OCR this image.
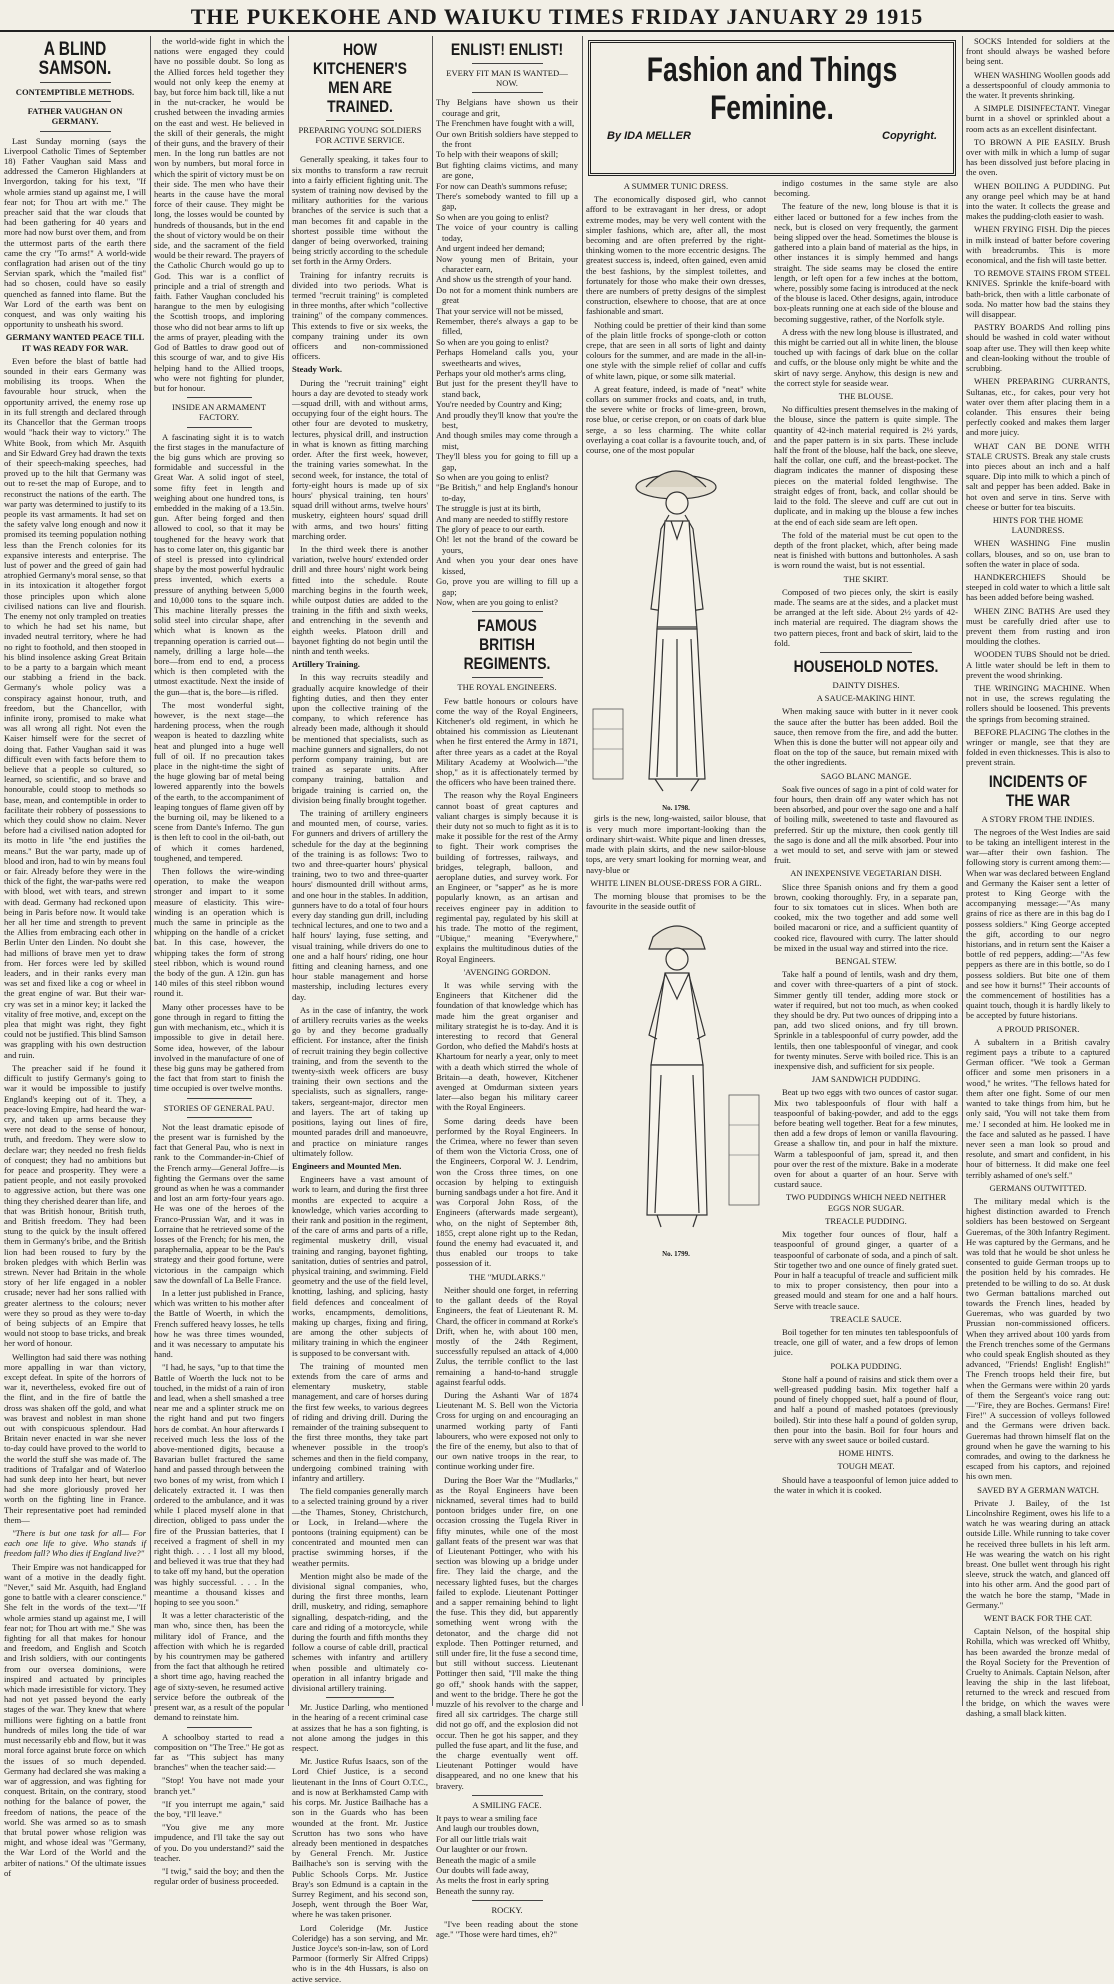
THE PUKEKOHE AND WAIUKU TIMES FRIDAY JANUARY 29 1915
A BLIND SAMSON.
CONTEMPTIBLE METHODS.
FATHER VAUGHAN ON GERMANY.

Last Sunday morning (says the Liverpool Catholic Times of September 18) Father Vaughan said Mass and addressed the Cameron Highlanders at Invergordon, taking for his text, "If whole armies stand up against me, I will fear not; for Thou art with me." The preacher said that the war clouds that had been gathering for 40 years and more had now burst over them, and from the uttermost parts of the earth there came the cry "To arms!" A world-wide conflagration had arisen out of the tiny Servian spark, which the "mailed fist" had so chosen, could have so easily quenched as fanned into flame. But the War Lord of the earth was bent on conquest, and was only waiting his opportunity to unsheath his sword.

GERMANY WANTED PEACE TILL IT WAS READY FOR WAR.

Even before the blast of battle had sounded in their ears Germany was mobilising its troops. When the favourable hour struck, when the opportunity arrived, the enemy rose up in its full strength and declared through its Chancellor that the German troops would "hack their way to victory." The White Book, from which Mr. Asquith and Sir Edward Grey had drawn the texts of their speech-making speeches, had proved up to the hilt that Germany was out to re-set the map of Europe, and to reconstruct the nations of the earth. The war party was determined to justify to its people its vast armaments. It had set on the safety valve long enough and now it promised its teeming population nothing less than the French colonies for its expansive interests and enterprise. The lust of power and the greed of gain had atrophied Germany's moral sense, so that in its intoxication it altogether forgot those principles upon which alone civilised nations can live and flourish. The enemy not only trampled on treaties to which he had set his name, but invaded neutral territory, where he had no right to foothold, and then stooped in his blind insolence asking Great Britain to be a party to a bargain which meant our stabbing a friend in the back. Germany's whole policy was a conspiracy against honour, truth, and freedom, but the Chancellor, with infinite irony, promised to make what was all wrong all right. Not even the Kaiser himself were for the secret of doing that. Father Vaughan said it was difficult even with facts before them to believe that a people so cultured, so learned, so scientific, and so brave and honourable, could stoop to methods so base, mean, and contemptible in order to facilitate their robbery of possessions to which they could show no claim. Never before had a civilised nation adopted for its motto in life "the end justifies the means." But the war party, made up of blood and iron, had to win by means foul or fair. Already before they were in the thick of the fight, the war-paths were red with blood, wet with tears, and strewn with dead. Germany had reckoned upon being in Paris before now. It would take her all her time and strength to prevent the Allies from embracing each other in Berlin Unter den Linden. No doubt she had millions of brave men yet to draw from. Her forces were led by skilled leaders, and in their ranks every man was set and fixed like a cog or wheel in the great engine of war. But their war-cry was set in a minor key; it lacked the vitality of free motive, and, except on the plea that might was right, they fight could not be justified. This blind Samson was grappling with his own destruction and ruin.

The preacher said if he found it difficult to justify Germany's going to war it would be impossible to justify England's keeping out of it. They, a peace-loving Empire, had heard the war-cry, and taken up arms because they were not dead to the sense of honour, truth, and freedom. They were slow to declare war; they needed no fresh fields of conquest; they had no ambitions but for peace and prosperity. They were a patient people, and not easily provoked to aggressive action, but there was one thing they cherished dearer than life, and that was British honour, British truth, and British freedom. They had been stung to the quick by the insult offered them in Germany's bribe, and the British lion had been roused to fury by the broken pledges with which Berlin was strewn. Never had Britain in the whole story of her life engaged in a nobler crusade; never had her sons rallied with greater alertness to the colours; never were they so proud as they were to-day of being subjects of an Empire that would not stoop to base tricks, and break her word of honour.

Wellington had said there was nothing more appalling in war than victory, except defeat. In spite of the horrors of war it, nevertheless, evoked fire out of the flint, and in the fire of battle the dross was shaken off the gold, and what was bravest and noblest in man shone out with conspicuous splendour. Had Britain never enacted in war she never to-day could have proved to the world to the world the stuff she was made of. The traditions of Trafalgar and of Waterloo had sunk deep into her heart, but never had she more gloriously proved her worth on the fighting line in France. Their representative poet had reminded them—

"There is but one task for all— For each one life to give. Who stands if freedom fall? Who dies if England live?"

Their Empire was not handicapped for want of a motive in the deadly fight. "Never," said Mr. Asquith, had England gone to battle with a clearer conscience." She felt in the words of the text—"If whole armies stand up against me, I will fear not; for Thou art with me." She was fighting for all that makes for honour and freedom, and English and Scotch and Irish soldiers, with our contingents from our oversea dominions, were inspired and actuated by principles which made irresistible for victory. They had not yet passed beyond the early stages of the war. They knew that where millions were fighting on a battle front hundreds of miles long the tide of war must necessarily ebb and flow, but it was moral force against brute force on which the issues of so much depended. Germany had declared she was making a war of aggression, and was fighting for conquest. Britain, on the contrary, stood nothing for the balance of power, the freedom of nations, the peace of the world. She was armed so as to smash that brutal power whose religion was might, and whose ideal was "Germany, the War Lord of the World and the arbiter of nations." Of the ultimate issues of

the world-wide fight in which the nations were engaged they could have no possible doubt. So long as the Allied forces held together they would not only keep the enemy at bay, but force him back till, like a nut in the nut-cracker, he would be crushed between the invading armies on the east and west. He believed in the skill of their generals, the might of their guns, and the bravery of their men. In the long run battles are not won by numbers, but moral force in which the spirit of victory must be on their side. The men who have their hearts in the cause have the moral force of their cause. They might be long, the losses would be counted by hundreds of thousands, but in the end the shout of victory would be on their side, and the sacrament of the field would be their reward. The prayers of the Catholic Church would go up to God. This war is a conflict of principle and a trial of strength and faith. Father Vaughan concluded his harangue to the men by eulogising the Scottish troops, and imploring those who did not bear arms to lift up the arms of prayer, pleading with the God of Battles to draw good out of this scourge of war, and to give His helping hand to the Allied troops, who were not fighting for plunder, but for honour.

INSIDE AN ARMAMENT FACTORY.

A fascinating sight it is to watch the first stages in the manufacture of the big guns which are proving so formidable and successful in the Great War. A solid ingot of steel, some fifty feet in length and weighing about one hundred tons, is embedded in the making of a 13.5in. gun. After being forged and then allowed to cool, so that it may be toughened for the heavy work that has to come later on, this gigantic bar of steel is pressed into cylindrical shape by the most powerful hydraulic press invented, which exerts a pressure of anything between 5,000 and 10,000 tons to the square inch. This machine literally presses the solid steel into circular shape, after which what is known as the trepanning operation is carried out—namely, drilling a large hole—the bore—from end to end, a process which is then completed with the utmost exactitude. Next the inside of the gun—that is, the bore—is rifled.

The most wonderful sight, however, is the next stage—the hardening process, when the rough weapon is heated to dazzling white heat and plunged into a huge well full of oil. If no precaution takes place in the night-time the sight of the huge glowing bar of metal being lowered apparently into the bowels of the earth, to the accompaniment of leaping tongues of flame given off by the burning oil, may be likened to a scene from Dante's Inferno. The gun is then left to cool in the oil-bath, out of which it comes hardened, toughened, and tempered.

Then follows the wire-winding operation, to make the weapon stronger and impart to it some measure of elasticity. This wire-winding is an operation which is much the same in principle as the whipping on the handle of a cricket bat. In this case, however, the whipping takes the form of strong steel ribbon, which is wound round the body of the gun. A 12in. gun has 140 miles of this steel ribbon wound round it.

Many other processes have to be gone through in regard to fitting the gun with mechanism, etc., which it is impossible to give in detail here. Some idea, however, of the labour involved in the manufacture of one of these big guns may be gathered from the fact that from start to finish the time occupied is over twelve months.

STORIES OF GENERAL PAU.

Not the least dramatic episode of the present war is furnished by the fact that General Pau, who is next in rank to the Commander-in-Chief of the French army—General Joffre—is fighting the Germans over the same ground as when he was a commander and lost an arm forty-four years ago. He was one of the heroes of the Franco-Prussian War, and it was in Lorraine that he retrieved some of the losses of the French; for his men, the paraphernalia, appear to be the Pau's strategy and their good fortune, were victorious in the campaign which saw the downfall of La Belle France.

In a letter just published in France, which was written to his mother after the Battle of Woerth, in which the French suffered heavy losses, he tells how he was three times wounded, and it was necessary to amputate his hand.

"I had, he says, "up to that time the Battle of Woerth the luck not to be touched, in the midst of a rain of iron and lead, when a shell smashed a tree near me and a splinter struck me on the right hand and put two fingers hors de combat. An hour afterwards I received much less the loss of the above-mentioned digits, because a Bavarian bullet fractured the same hand and passed through between the two bones of my wrist, from which I delicately extracted it. I was then ordered to the ambulance, and it was while I placed myself alone in that direction, obliged to pass under the fire of the Prussian batteries, that I received a fragment of shell in my right thigh. . . . I lost all my blood, and believed it was true that they had to take off my hand, but the operation was highly successful. . . . In the meantime a thousand kisses and hoping to see you soon."

It was a letter characteristic of the man who, since then, has been the military idol of France, and the affection with which he is regarded by his countrymen may be gathered from the fact that although he retired a short time ago, having reached the age of sixty-seven, he resumed active service before the outbreak of the present war, as a result of the popular demand to reinstate him.

A schoolboy started to read a composition on "The Tree." He got as far as "This subject has many branches" when the teacher said:—

"Stop! You have not made your branch yet."

"If you interrupt me again," said the boy, "I'll leave."

"You give me any more impudence, and I'll take the say out of you. Do you understand?" said the teacher.

"I twig," said the boy; and then the regular order of business proceeded.

HOW KITCHENER'S MEN ARE TRAINED.
PREPARING YOUNG SOLDIERS FOR ACTIVE SERVICE.

Generally speaking, it takes four to six months to transform a raw recruit into a fairly efficient fighting unit. The system of training now devised by the military authorities for the various branches of the service is such that a man becomes fit and capable in the shortest possible time without the danger of being overworked, training being strictly according to the schedule set forth in the Army Orders.

Training for infantry recruits is divided into two periods. What is termed "recruit training" is completed in three months, after which "collective training" of the company commences. This extends to five or six weeks, the company training under its own officers and non-commissioned officers.

Steady Work.

During the "recruit training" eight hours a day are devoted to steady work—squad drill, with and without arms, occupying four of the eight hours. The other four are devoted to musketry, lectures, physical drill, and instruction in what is known as fitting marching order. After the first week, however, the training varies somewhat. In the second week, for instance, the total of forty-eight hours is made up of six hours' physical training, ten hours' squad drill without arms, twelve hours' musketry, eighteen hours' squad drill with arms, and two hours' fitting marching order.

In the third week there is another variation, twelve hours' extended order drill and three hours' night work being fitted into the schedule. Route marching begins in the fourth week, while outpost duties are added to the training in the fifth and sixth weeks, and entrenching in the seventh and eighth weeks. Platoon drill and bayonet fighting do not begin until the ninth and tenth weeks.

Artillery Training.

In this way recruits steadily and gradually acquire knowledge of their fighting duties, and then they enter upon the collective training of the company, to which reference has already been made, although it should be mentioned that specialists, such as machine gunners and signallers, do not perform company training, but are trained as separate units. After company training, battalion and brigade training is carried on, the division being finally brought together.

The training of artillery engineers and mounted men, of course, varies. For gunners and drivers of artillery the schedule for the day at the beginning of the training is as follows: Two to two and three-quarter hours' physical training, two to two and three-quarter hours' dismounted drill without arms, and one hour in the stables. In addition, gunners have to do a total of four hours every day standing gun drill, including technical lectures, and one to two and a half hours' laying, fuse setting, and visual training, while drivers do one to one and a half hours' riding, one hour fitting and cleaning harness, and one hour stable management and horse mastership, including lectures every day.

As in the case of infantry, the work of artillery recruits varies as the weeks go by and they become gradually efficient. For instance, after the finish of recruit training they begin collective training, and from the seventh to the twenty-sixth week officers are busy training their own sections and the specialists, such as signallers, range-takers, sergeant-major, director men and layers. The art of taking up positions, laying out lines of fire, mounted parades drill and manoeuvre, and practice on miniature ranges ultimately follow.

Engineers and Mounted Men.

Engineers have a vast amount of work to learn, and during the first three months are expected to acquire a knowledge, which varies according to their rank and position in the regiment, of the care of arms and parts of a rifle, regimental musketry drill, visual training and ranging, bayonet fighting, sanitation, duties of sentries and patrol, physical training, and swimming. Field geometry and the use of the field level, knotting, lashing, and splicing, hasty field defences and concealment of works, encampments, demolitions, making up charges, fixing and firing, are among the other subjects of military training in which the engineer is supposed to be conversant with.

The training of mounted men extends from the care of arms and elementary musketry, stable management, and care of horses during the first few weeks, to various degrees of riding and driving drill. During the remainder of the training subsequent to the first three months, they take part whenever possible in the troop's schemes and then in the field company, undergoing combined training with infantry and artillery.

The field companies generally march to a selected training ground by a river—the Thames, Stoney, Christchurch, or Lock, in Ireland—where the pontoons (training equipment) can be concentrated and mounted men can practise swimming horses, if the weather permits.

Mention might also be made of the divisional signal companies, who, during the first three months, learn drill, musketry, and riding, semaphore signalling, despatch-riding, and the care and riding of a motorcycle, while during the fourth and fifth months they follow a course of cable drill, practical schemes with infantry and artillery when possible and ultimately co-operation in all infantry brigade and divisional artillery training.

Mr. Justice Darling, who mentioned in the hearing of a recent criminal case at assizes that he has a son fighting, is not alone among the judges in this respect.

Mr. Justice Rufus Isaacs, son of the Lord Chief Justice, is a second lieutenant in the Inns of Court O.T.C., and is now at Berkhamsted Camp with his corps. Mr. Justice Bailhache has a son in the Guards who has been wounded at the front. Mr. Justice Scrutton has two sons who have already been mentioned in despatches by General French. Mr. Justice Bailhache's son is serving with the Public Schools Corps. Mr. Justice Bray's son Edmund is a captain in the Surrey Regiment, and his second son, Joseph, went through the Boer War, where he was taken prisoner.

Lord Coleridge (Mr. Justice Coleridge) has a son serving, and Mr. Justice Joyce's son-in-law, son of Lord Parmoor (formerly Sir Alfred Cripps) who is in the 4th Hussars, is also on active service.

ENLIST! ENLIST!
EVERY FIT MAN IS WANTED—NOW.
Thy Belgians have shown us their courage and grit,
The Frenchmen have fought with a will,
Our own British soldiers have stepped to the front
To help with their weapons of skill;
But fighting claims victims, and many are gone,
For now can Death's summons refuse;
There's somebody wanted to fill up a gap,
So when are you going to enlist?
The voice of your country is calling today,
And urgent indeed her demand;
Now young men of Britain, your character earn,
And show us the strength of your hand.
Do not for a moment think numbers are great
That your service will not be missed,
Remember, there's always a gap to be filled,
So when are you going to enlist?
Perhaps Homeland calls you, your sweethearts and wives,
Perhaps your old mother's arms cling,
But just for the present they'll have to stand back,
You're needed by Country and King;
And proudly they'll know that you're the best,
And though smiles may come through a mist,
They'll bless you for going to fill up a gap,
So when are you going to enlist?
"Be British," and help England's honour to-day,
The struggle is just at its birth,
And many are needed to stiffly restore
The glory of peace to our earth.
Oh! let not the brand of the coward be yours,
And when you your dear ones have kissed,
Go, prove you are willing to fill up a gap;
Now, when are you going to enlist?
FAMOUS BRITISH REGIMENTS.
THE ROYAL ENGINEERS.

Few battle honours or colours have come the way of the Royal Engineers, Kitchener's old regiment, in which he obtained his commission as Lieutenant when he first entered the Army in 1871, after three years as a cadet at the Royal Military Academy at Woolwich—"the shop," as it is affectionately termed by the officers who have been trained there.

The reason why the Royal Engineers cannot boast of great captures and valiant charges is simply because it is their duty not so much to fight as it is to make it possible for the rest of the Army to fight. Their work comprises the building of fortresses, railways, and bridges, telegraph, balloon, and aeroplane duties, and survey work. For an Engineer, or "sapper" as he is more popularly known, as an artisan and receives engineer pay in addition to regimental pay, regulated by his skill at his trade. The motto of the regiment, "Ubique," meaning "Everywhere," explains the multitudinous duties of the Royal Engineers.

'AVENGING GORDON.

It was while serving with the Engineers that Kitchener did the foundation of that knowledge which has made him the great organiser and military strategist he is to-day. And it is interesting to record that General Gordon, who defied the Mahdi's hosts at Khartoum for nearly a year, only to meet with a death which stirred the whole of Britain—a death, however, Kitchener avenged at Omdurman sixteen years later—also began his military career with the Royal Engineers.

Some daring deeds have been performed by the Royal Engineers. In the Crimea, where no fewer than seven of them won the Victoria Cross, one of the Engineers, Corporal W. J. Lendrim, won the Cross three times, on one occasion by helping to extinguish burning sandbags under a hot fire. And it was Corporal John Ross, of the Engineers (afterwards made sergeant), who, on the night of September 8th, 1855, crept alone right up to the Redan, found the enemy had evacuated it, and thus enabled our troops to take possession of it.

THE "MUDLARKS."

Neither should one forget, in referring to the gallant deeds of the Royal Engineers, the feat of Lieutenant R. M. Chard, the officer in command at Rorke's Drift, when he, with about 100 men, mostly of the 24th Regiment, successfully repulsed an attack of 4,000 Zulus, the terrible conflict to the last remaining a hand-to-hand struggle against fearful odds.

During the Ashanti War of 1874 Lieutenant M. S. Bell won the Victoria Cross for urging on and encouraging an unarmed working party of Fanti labourers, who were exposed not only to the fire of the enemy, but also to that of our own native troops in the rear, to continue working under fire.

During the Boer War the "Mudlarks," as the Royal Engineers have been nicknamed, several times had to build pontoon bridges under fire, on one occasion crossing the Tugela River in fifty minutes, while one of the most gallant feats of the present war was that of Lieutenant Pottinger, who with his section was blowing up a bridge under fire. They laid the charge, and the necessary lighted fuses, but the charges failed to explode. Lieutenant Pottinger and a sapper remaining behind to light the fuse. This they did, but apparently something went wrong with the detonator, and the charge did not explode. Then Pottinger returned, and still under fire, lit the fuse a second time, but still without success. Lieutenant Pottinger then said, "I'll make the thing go off," shook hands with the sapper, and went to the bridge. There he got the muzzle of his revolver to the charge and fired all six cartridges. The charge still did not go off, and the explosion did not occur. Then he got his sapper, and they pulled the fuse apart, and lit the fuse, and the charge eventually went off. Lieutenant Pottinger would have disappeared, and no one knew that his bravery.

A SMILING FACE.
It pays to wear a smiling face
And laugh our troubles down,
For all our little trials wait
Our laughter or our frown.
Beneath the magic of a smile
Our doubts will fade away,
As melts the frost in early spring
Beneath the sunny ray.
ROCKY.

"I've been reading about the stone age." "Those were hard times, eh?"

Fashion and Things
Feminine.
By IDA MELLER	Copyright.
A SUMMER TUNIC DRESS.

The economically disposed girl, who cannot afford to be extravagant in her dress, or adopt extreme modes, may be very well content with the simpler fashions, which are, after all, the most becoming and are often preferred by the right-thinking women to the more eccentric designs. The greatest success is, indeed, often gained, even amid the best fashions, by the simplest toilettes, and fortunately for those who make their own dresses, there are numbers of pretty designs of the simplest construction, elsewhere to choose, that are at once fashionable and smart.

Nothing could be prettier of their kind than some of the plain little frocks of sponge-cloth or cotton crepe, that are seen in all sorts of light and dainty colours for the summer, and are made in the all-in-one style with the simple relief of collar and cuffs of white lawn, pique, or some silk material.

A great feature, indeed, is made of "neat" white collars on summer frocks and coats, and, in truth, the severe white or frocks of lime-green, brown, rose blue, or cerise crepon, or on coats of dark blue serge, a so less charming. The white collar overlaying a coat collar is a favourite touch, and, of course, one of the most popular

No. 1798.

girls is the new, long-waisted, sailor blouse, that is very much more important-looking than the ordinary shirt-waist. White pique and linen dresses, made with plain skirts, and the new sailor-blouse tops, are very smart looking for morning wear, and navy-blue or

WHITE LINEN BLOUSE-DRESS FOR A GIRL.

The morning blouse that promises to be the favourite in the seaside outfit of

No. 1799.

indigo costumes in the same style are also becoming.

The feature of the new, long blouse is that it is either laced or buttoned for a few inches from the neck, but is closed on very frequently, the garment being slipped over the head. Sometimes the blouse is gathered into a plain band of material as the hips, in other instances it is simply hemmed and hangs straight. The side seams may be closed the entire length, or left open for a few inches at the bottom, where, possibly some facing is introduced at the neck of the blouse is laced. Other designs, again, introduce box-pleats running one at each side of the blouse and becoming suggestive, rather, of the Norfolk style.

A dress with the new long blouse is illustrated, and this might be carried out all in white linen, the blouse touched up with facings of dark blue on the collar and cuffs, or the blouse only might be white and the skirt of navy serge. Anyhow, this design is new and the correct style for seaside wear.

THE BLOUSE.

No difficulties present themselves in the making of the blouse, since the pattern is quite simple. The quantity of 42-inch material required is 2½ yards, and the paper pattern is in six parts. These include half the front of the blouse, half the back, one sleeve, half the collar, one cuff, and the breast-pocket. The diagram indicates the manner of disposing these pieces on the material folded lengthwise. The straight edges of front, back, and collar should be laid to the fold. The sleeve and cuff are cut out in duplicate, and in making up the blouse a few inches at the end of each side seam are left open.

The fold of the material must be cut open to the depth of the front placket, which, after being made neat is finished with buttons and buttonholes. A sash is worn round the waist, but is not essential.

THE SKIRT.

Composed of two pieces only, the skirt is easily made. The seams are at the sides, and a placket must be arranged at the left side. About 2½ yards of 42-inch material are required. The diagram shows the two pattern pieces, front and back of skirt, laid to the fold.

HOUSEHOLD NOTES.
DAINTY DISHES.
A SAUCE-MAKING HINT.

When making sauce with butter in it never cook the sauce after the butter has been added. Boil the sauce, then remove from the fire, and add the butter. When this is done the butter will not appear oily and float on the top of the sauce, but remain mixed with the other ingredients.

SAGO BLANC MANGE.

Soak five ounces of sago in a pint of cold water for four hours, then drain off any water which has not been absorbed, and pour over the sago one and a half of boiling milk, sweetened to taste and flavoured as preferred. Stir up the mixture, then cook gently till the sago is done and all the milk absorbed. Pour into a wet mould to set, and serve with jam or stewed fruit.

AN INEXPENSIVE VEGETARIAN DISH.

Slice three Spanish onions and fry them a good brown, cooking thoroughly. Fry, in a separate pan, four to six tomatoes cut in slices. When both are cooked, mix the two together and add some well boiled macaroni or rice, and a sufficient quantity of cooked rice, flavoured with curry. The latter should be mixed in the usual way and stirred into the rice.

BENGAL STEW.

Take half a pound of lentils, wash and dry them, and cover with three-quarters of a pint of stock. Simmer gently till tender, adding more stock or water if required, but not too much, as when cooked they should be dry. Put two ounces of dripping into a pan, add two sliced onions, and fry till brown. Sprinkle in a tablespoonful of curry powder, add the lentils, then one tablespoonful of vinegar, and cook for twenty minutes. Serve with boiled rice. This is an inexpensive dish, and sufficient for six people.

JAM SANDWICH PUDDING.

Beat up two eggs with two ounces of castor sugar. Mix two tablespoonfuls of flour with half a teaspoonful of baking-powder, and add to the eggs before beating well together. Beat for a few minutes, then add a few drops of lemon or vanilla flavouring. Grease a shallow tin, and pour in half the mixture. Warm a tablespoonful of jam, spread it, and then pour over the rest of the mixture. Bake in a moderate oven for about a quarter of an hour. Serve with custard sauce.

TWO PUDDINGS WHICH NEED NEITHER EGGS NOR SUGAR.
TREACLE PUDDING.

Mix together four ounces of flour, half a teaspoonful of ground ginger, a quarter of a teaspoonful of carbonate of soda, and a pinch of salt. Stir together two and one ounce of finely grated suet. Pour in half a teacupful of treacle and sufficient milk to mix to proper consistency, then pour into a greased mould and steam for one and a half hours. Serve with treacle sauce.

TREACLE SAUCE.

Boil together for ten minutes ten tablespoonfuls of treacle, one gill of water, and a few drops of lemon juice.

POLKA PUDDING.

Stone half a pound of raisins and stick them over a well-greased pudding basin. Mix together half a pound of finely chopped suet, half a pound of flour, and half a pound of mashed potatoes (previously boiled). Stir into these half a pound of golden syrup, then pour into the basin. Boil for four hours and serve with any sweet sauce or boiled custard.

HOME HINTS.
TOUGH MEAT.

Should have a teaspoonful of lemon juice added to the water in which it is cooked.

SOCKS Intended for soldiers at the front should always be washed before being sent.

WHEN WASHING Woollen goods add a dessertspoonful of cloudy ammonia to the water. It prevents shrinking.

A SIMPLE DISINFECTANT. Vinegar burnt in a shovel or sprinkled about a room acts as an excellent disinfectant.

TO BROWN A PIE EASILY. Brush over with milk in which a lump of sugar has been dissolved just before placing in the oven.

WHEN BOILING A PUDDING. Put any orange peel which may be at hand into the water. It collects the grease and makes the pudding-cloth easier to wash.

WHEN FRYING FISH. Dip the pieces in milk instead of batter before covering with breadcrumbs. This is more economical, and the fish will taste better.

TO REMOVE STAINS FROM STEEL KNIVES. Sprinkle the knife-board with bath-brick, then with a little carbonate of soda. No matter how bad the stains they will disappear.

PASTRY BOARDS And rolling pins should be washed in cold water without soap after use. They will then keep white and clean-looking without the trouble of scrubbing.

WHEN PREPARING CURRANTS, Sultanas, etc., for cakes, pour very hot water over them after placing them in a colander. This ensures their being perfectly cooked and makes them larger and more juicy.

WHAT CAN BE DONE WITH STALE CRUSTS. Break any stale crusts into pieces about an inch and a half square. Dip into milk to which a pinch of salt and pepper has been added. Bake in hot oven and serve in tins. Serve with cheese or butter for tea biscuits.

HINTS FOR THE HOME LAUNDRESS.

WHEN WASHING Fine muslin collars, blouses, and so on, use bran to soften the water in place of soda.

HANDKERCHIEFS Should be steeped in cold water to which a little salt has been added before being washed.

WHEN ZINC BATHS Are used they must be carefully dried after use to prevent them from rusting and iron moulding the clothes.

WOODEN TUBS Should not be dried. A little water should be left in them to prevent the wood shrinking.

THE WRINGING MACHINE. When not in use, the screws regulating the rollers should be loosened. This prevents the springs from becoming strained.

BEFORE PLACING The clothes in the wringer or mangle, see that they are folded in even thicknesses. This is also to prevent strain.

INCIDENTS OF THE WAR
A STORY FROM THE INDIES.

The negroes of the West Indies are said to be taking an intelligent interest in the war—after their own fashion. The following story is current among them:—When war was declared between England and Germany the Kaiser sent a letter of protest to King George with the accompanying message:—"As many grains of rice as there are in this bag do I possess soldiers." King George accepted the gift, according to our negro historians, and in return sent the Kaiser a bottle of red peppers, adding:—"As few peppers as there are in this bottle, so do I possess soldiers. But bite one of them and see how it burns!" Their accounts of the commencement of hostilities has a quaint touch, though it is hardly likely to be accepted by future historians.

A PROUD PRISONER.

A subaltern in a British cavalry regiment pays a tribute to a captured German officer. "We took a German officer and some men prisoners in a wood," he writes. "The fellows hated for them after one fight. Some of our men wanted to take things from him, but he only said, 'You will not take them from me.' I seconded at him. He looked me in the face and saluted as he passed. I have never seen a man look so proud and resolute, and smart and confident, in his hour of bitterness. It did make one feel terribly ashamed of one's self."

GERMANS OUTWITTED.

The military medal which is the highest distinction awarded to French soldiers has been bestowed on Sergeant Gueremas, of the 30th Infantry Regiment. He was captured by the Germans, and he was told that he would be shot unless he consented to guide German troops up to the position held by his comrades. He pretended to be willing to do so. At dusk two German battalions marched out towards the French lines, headed by Gueremas, who was guarded by two Prussian non-commissioned officers. When they arrived about 100 yards from the French trenches some of the Germans who could speak English shouted as they advanced, "Friends! English! English!" The French troops held their fire, but when the Germans were within 20 yards of them the Sergeant's voice rang out:—"Fire, they are Boches. Germans! Fire! Fire!" A succession of volleys followed and the Germans were driven back. Gueremas had thrown himself flat on the ground when he gave the warning to his comrades, and owing to the darkness he escaped from his captors, and rejoined his own men.

SAVED BY A GERMAN WATCH.

Private J. Bailey, of the 1st Lincolnshire Regiment, owes his life to a watch he was wearing during an attack outside Lille. While running to take cover he received three bullets in his left arm. He was wearing the watch on his right breast. One bullet went through his right sleeve, struck the watch, and glanced off into his other arm. And the good part of the watch he bore the stamp, "Made in Germany."

WENT BACK FOR THE CAT.

Captain Nelson, of the hospital ship Rohilla, which was wrecked off Whitby, has been awarded the bronze medal of the Royal Society for the Prevention of Cruelty to Animals. Captain Nelson, after leaving the ship in the last lifeboat, returned to the wreck and rescued from the bridge, on which the waves were dashing, a small black kitten.
